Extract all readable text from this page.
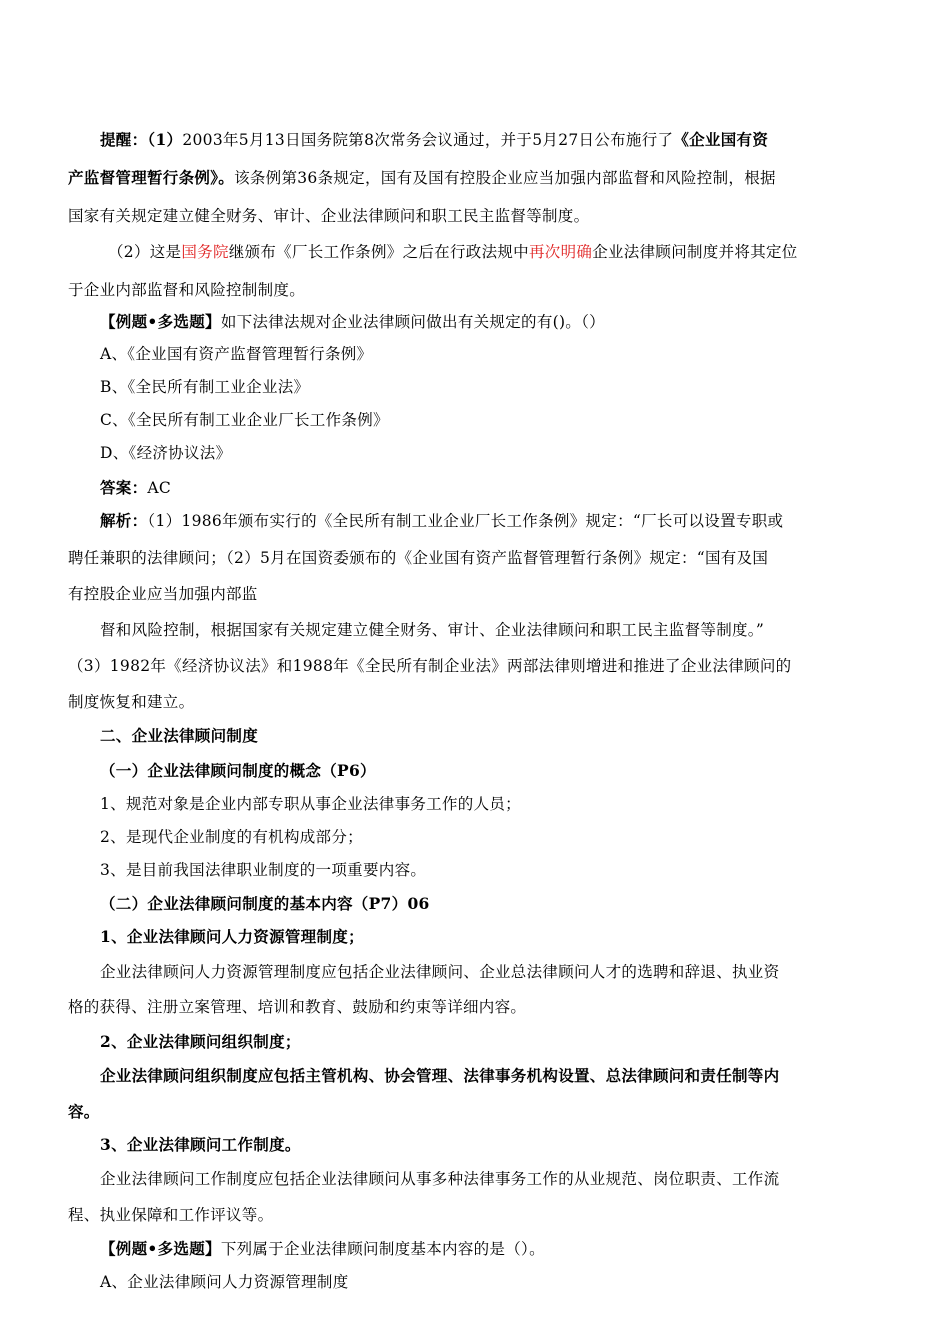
提醒：（1）2003年5月13日国务院第8次常务会议通过，并于5月27日公布施行了《企业国有资
产监督管理暂行条例》。该条例第36条规定，国有及国有控股企业应当加强内部监督和风险控制，根据
国家有关规定建立健全财务、审计、企业法律顾问和职工民主监督等制度。
（2）这是国务院继颁布《厂长工作条例》之后在行政法规中再次明确企业法律顾问制度并将其定位
于企业内部监督和风险控制制度。
【例题•多选题】如下法律法规对企业法律顾问做出有关规定的有()。（）
A、《企业国有资产监督管理暂行条例》
B、《全民所有制工业企业法》
C、《全民所有制工业企业厂长工作条例》
D、《经济协议法》
答案：AC
解析：（1）1986年颁布实行的《全民所有制工业企业厂长工作条例》规定：“厂长可以设置专职或
聘任兼职的法律顾问；（2）5月在国资委颁布的《企业国有资产监督管理暂行条例》规定：“国有及国
有控股企业应当加强内部监
督和风险控制，根据国家有关规定建立健全财务、审计、企业法律顾问和职工民主监督等制度。”
（3）1982年《经济协议法》和1988年《全民所有制企业法》两部法律则增进和推进了企业法律顾问的
制度恢复和建立。
二、企业法律顾问制度
（一）企业法律顾问制度的概念（P6）
1、规范对象是企业内部专职从事企业法律事务工作的人员；
2、是现代企业制度的有机构成部分；
3、是目前我国法律职业制度的一项重要内容。
（二）企业法律顾问制度的基本内容（P7）06
1、企业法律顾问人力资源管理制度；
企业法律顾问人力资源管理制度应包括企业法律顾问、企业总法律顾问人才的选聘和辞退、执业资
格的获得、注册立案管理、培训和教育、鼓励和约束等详细内容。
2、企业法律顾问组织制度；
企业法律顾问组织制度应包括主管机构、协会管理、法律事务机构设置、总法律顾问和责任制等内
容。
3、企业法律顾问工作制度。
企业法律顾问工作制度应包括企业法律顾问从事多种法律事务工作的从业规范、岗位职责、工作流
程、执业保障和工作评议等。
【例题•多选题】下列属于企业法律顾问制度基本内容的是（）。
A、企业法律顾问人力资源管理制度
